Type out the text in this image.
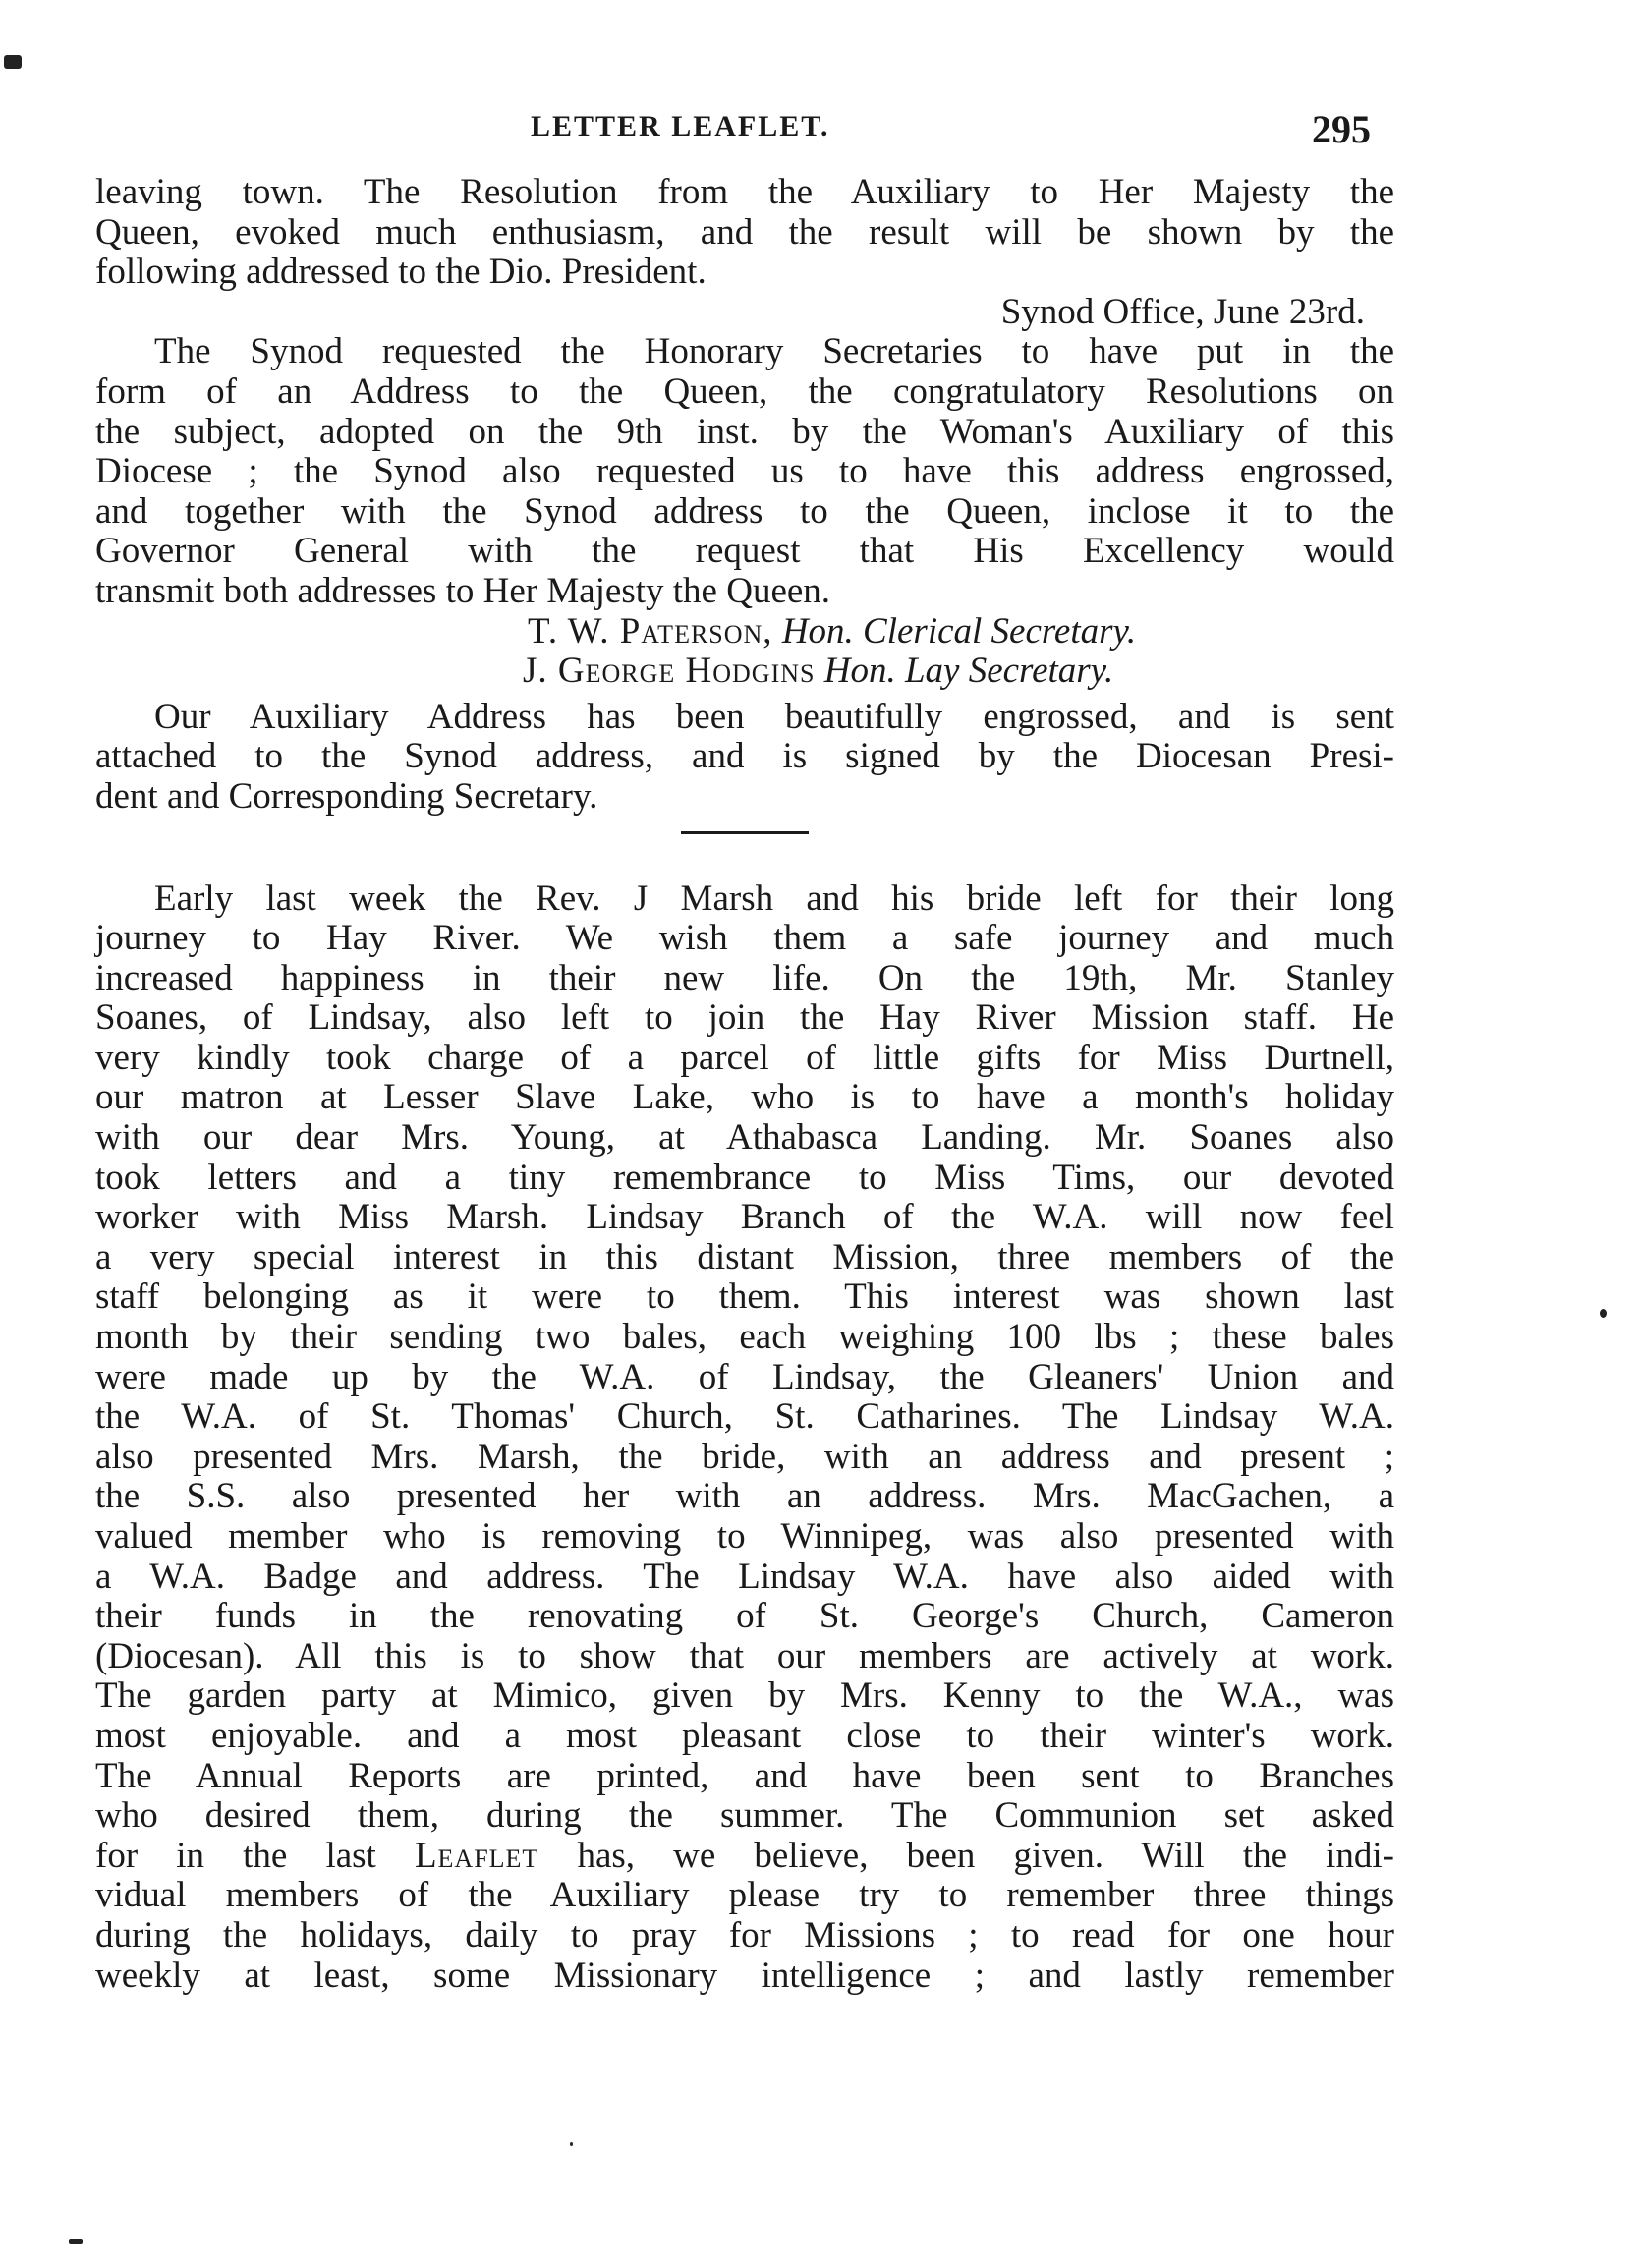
LETTER LEAFLET.	295
leaving town. The Resolution from the Auxiliary to Her Majesty the
Queen, evoked much enthusiasm, and the result will be shown by the
following addressed to the Dio. President.
Synod Office, June 23rd.
The Synod requested the Honorary Secretaries to have put in the
form of an Address to the Queen, the congratulatory Resolutions on
the subject, adopted on the 9th inst. by the Woman's Auxiliary of this
Diocese ; the Synod also requested us to have this address engrossed,
and together with the Synod address to the Queen, inclose it to the
Governor General with the request that His Excellency would
transmit both addresses to Her Majesty the Queen.
T. W. Paterson, Hon. Clerical Secretary.
J. George Hodgins Hon. Lay Secretary.
Our Auxiliary Address has been beautifully engrossed, and is sent
attached to the Synod address, and is signed by the Diocesan Presi-
dent and Corresponding Secretary.
Early last week the Rev. J Marsh and his bride left for their long
journey to Hay River. We wish them a safe journey and much
increased happiness in their new life. On the 19th, Mr. Stanley
Soanes, of Lindsay, also left to join the Hay River Mission staff. He
very kindly took charge of a parcel of little gifts for Miss Durtnell,
our matron at Lesser Slave Lake, who is to have a month's holiday
with our dear Mrs. Young, at Athabasca Landing. Mr. Soanes also
took letters and a tiny remembrance to Miss Tims, our devoted
worker with Miss Marsh. Lindsay Branch of the W.A. will now feel
a very special interest in this distant Mission, three members of the
staff belonging as it were to them. This interest was shown last
month by their sending two bales, each weighing 100 lbs ; these bales
were made up by the W.A. of Lindsay, the Gleaners' Union and
the W.A. of St. Thomas' Church, St. Catharines. The Lindsay W.A.
also presented Mrs. Marsh, the bride, with an address and present ;
the S.S. also presented her with an address. Mrs. MacGachen, a
valued member who is removing to Winnipeg, was also presented with
a W.A. Badge and address. The Lindsay W.A. have also aided with
their funds in the renovating of St. George's Church, Cameron
(Diocesan). All this is to show that our members are actively at work.
The garden party at Mimico, given by Mrs. Kenny to the W.A., was
most enjoyable. and a most pleasant close to their winter's work.
The Annual Reports are printed, and have been sent to Branches
who desired them, during the summer. The Communion set asked
for in the last Leaflet has, we believe, been given. Will the indi-
vidual members of the Auxiliary please try to remember three things
during the holidays, daily to pray for Missions ; to read for one hour
weekly at least, some Missionary intelligence ; and lastly remember
